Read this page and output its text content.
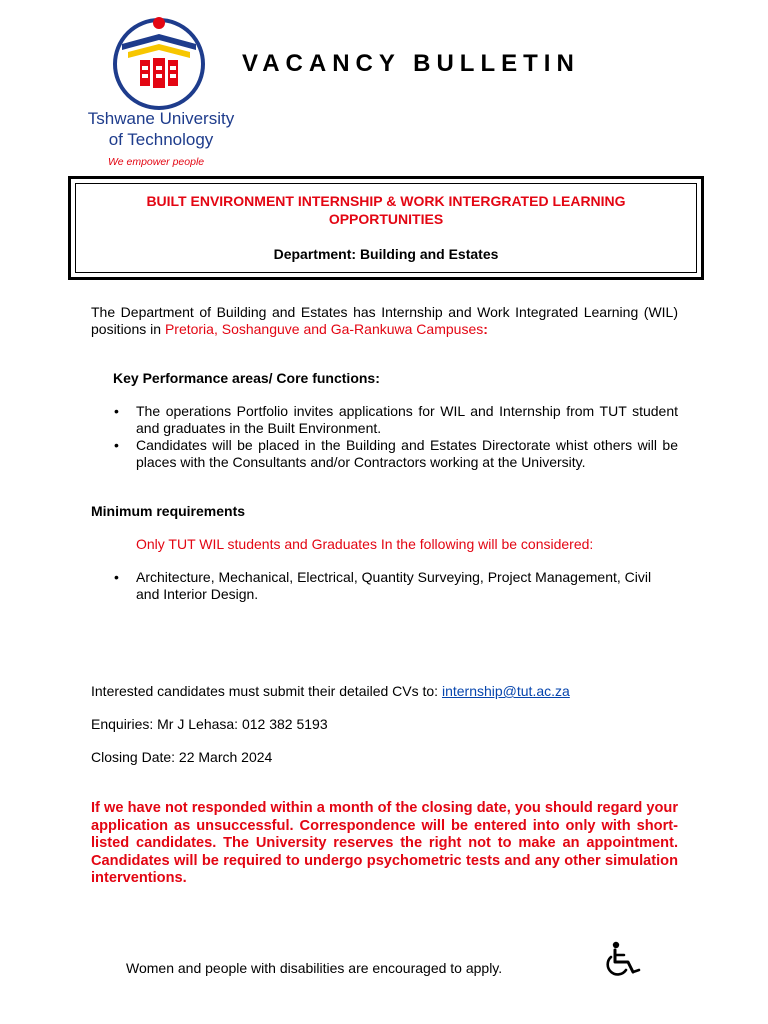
Tshwane University
of Technology
We empower people
VACANCY BULLETIN
BUILT ENVIRONMENT INTERNSHIP & WORK INTERGRATED LEARNING
OPPORTUNITIES
Department: Building and Estates
The Department of Building and Estates has Internship and Work Integrated Learning (WIL) positions in Pretoria, Soshanguve and Ga-Rankuwa Campuses:
Key Performance areas/ Core functions:
• The operations Portfolio invites applications for WIL and Internship from TUT student and graduates in the Built Environment.
• Candidates will be placed in the Building and Estates Directorate whist others will be places with the Consultants and/or Contractors working at the University.
Minimum requirements
Only TUT WIL students and Graduates In the following will be considered:
• Architecture, Mechanical, Electrical, Quantity Surveying, Project Management, Civil and Interior Design.
Interested candidates must submit their detailed CVs to: internship@tut.ac.za
Enquiries: Mr J Lehasa: 012 382 5193
Closing Date: 22 March 2024
If we have not responded within a month of the closing date, you should regard your application as unsuccessful. Correspondence will be entered into only with short-listed candidates. The University reserves the right not to make an appointment. Candidates will be required to undergo psychometric tests and any other simulation interventions.
Women and people with disabilities are encouraged to apply.
